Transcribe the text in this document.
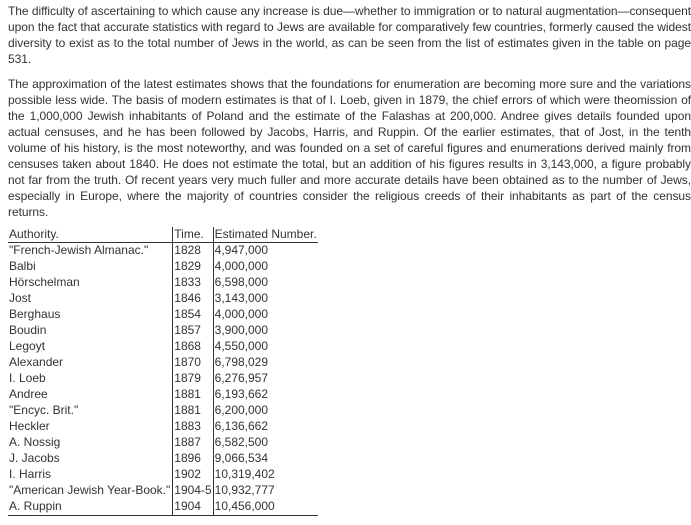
The difficulty of ascertaining to which cause any increase is due—whether to immigration or to natural augmentation—consequent upon the fact that accurate statistics with regard to Jews are available for comparatively few countries, formerly caused the widest diversity to exist as to the total number of Jews in the world, as can be seen from the list of estimates given in the table on page 531.

The approximation of the latest estimates shows that the foundations for enumeration are becoming more sure and the variations possible less wide. The basis of modern estimates is that of I. Loeb, given in 1879, the chief errors of which were theomission of the 1,000,000 Jewish inhabitants of Poland and the estimate of the Falashas at 200,000. Andree gives details founded upon actual censuses, and he has been followed by Jacobs, Harris, and Ruppin. Of the earlier estimates, that of Jost, in the tenth volume of his history, is the most noteworthy, and was founded on a set of careful figures and enumerations derived mainly from censuses taken about 1840. He does not estimate the total, but an addition of his figures results in 3,143,000, a figure probably not far from the truth. Of recent years very much fuller and more accurate details have been obtained as to the number of Jews, especially in Europe, where the majority of countries consider the religious creeds of their inhabitants as part of the census returns.

Authority.	Time.	Estimated Number.
"French-Jewish Almanac."	1828	4,947,000
Balbi	1829	4,000,000
Hörschelman	1833	6,598,000
Jost	1846	3,143,000
Berghaus	1854	4,000,000
Boudin	1857	3,900,000
Legoyt	1868	4,550,000
Alexander	1870	6,798,029
I. Loeb	1879	6,276,957
Andree	1881	6,193,662
"Encyc. Brit."	1881	6,200,000
Heckler	1883	6,136,662
A. Nossig	1887	6,582,500
J. Jacobs	1896	9,066,534
I. Harris	1902	10,319,402
"American Jewish Year-Book."	1904-5	10,932,777
A. Ruppin	1904	10,456,000
